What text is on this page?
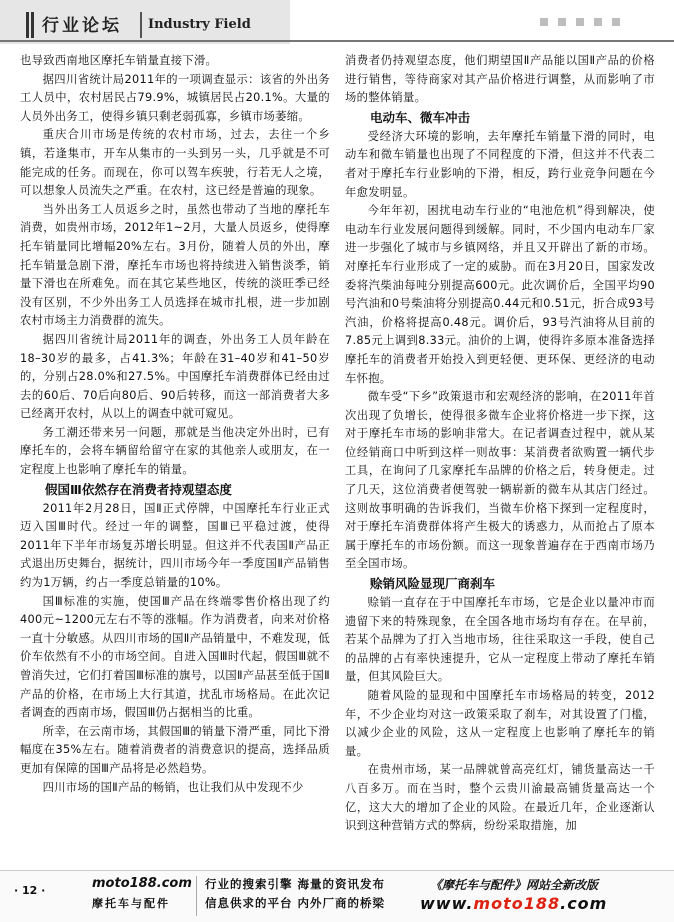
行业论坛 Industry Field

也导致西南地区摩托车销量直接下滑。

据四川省统计局2011年的一项调查显示：该省的外出务工人员中，农村居民占79.9%，城镇居民占20.1%。大量的人员外出务工，使得乡镇只剩老弱孤寡，乡镇市场萎缩。

重庆合川市场是传统的农村市场，过去，去往一个乡镇，若逢集市，开车从集市的一头到另一头，几乎就是不可能完成的任务。而现在，你可以驾车疾驶，行若无人之境，可以想象人员流失之严重。在农村，这已经是普遍的现象。

当外出务工人员返乡之时，虽然也带动了当地的摩托车消费，如贵州市场，2012年1~2月，大量人员返乡，使得摩托车销量同比增幅20%左右。3月份，随着人员的外出，摩托车销量急剧下滑，摩托车市场也将持续进入销售淡季，销量下滑也在所难免。而在其它某些地区，传统的淡旺季已经没有区别，不少外出务工人员选择在城市扎根，进一步加剧农村市场主力消费群的流失。

据四川省统计局2011年的调查，外出务工人员年龄在18–30岁的最多，占41.3%；年龄在31–40岁和41–50岁的，分别占28.0%和27.5%。中国摩托车消费群体已经由过去的60后、70后向80后、90后转移，而这一部消费者大多已经离开农村，从以上的调查中就可窥见。

务工潮还带来另一问题，那就是当他决定外出时，已有摩托车的，会将车辆留给留守在家的其他亲人或朋友，在一定程度上也影响了摩托车的销量。

假国Ⅲ依然存在消费者持观望态度

2011年2月28日，国Ⅱ正式停牌，中国摩托车行业正式迈入国Ⅲ时代。经过一年的调整，国Ⅲ已平稳过渡，使得2011年下半年市场复苏增长明显。但这并不代表国Ⅱ产品正式退出历史舞台，据统计，四川市场今年一季度国Ⅱ产品销售约为1万辆，约占一季度总销量的10%。

国Ⅲ标准的实施，使国Ⅲ产品在终端零售价格出现了约400元~1200元左右不等的涨幅。作为消费者，向来对价格一直十分敏感。从四川市场的国Ⅱ产品销量中，不难发现，低价车依然有不小的市场空间。自进入国Ⅲ时代起，假国Ⅲ就不曾消失过，它们打着国Ⅲ标准的旗号，以国Ⅱ产品甚至低于国Ⅱ产品的价格，在市场上大行其道，扰乱市场格局。在此次记者调查的西南市场，假国Ⅲ仍占据相当的比重。

所幸，在云南市场，其假国Ⅲ的销量下滑严重，同比下滑幅度在35%左右。随着消费者的消费意识的提高，选择品质更加有保障的国Ⅲ产品将是必然趋势。

四川市场的国Ⅱ产品的畅销，也让我们从中发现不少

消费者仍持观望态度，他们期望国Ⅱ产品能以国Ⅱ产品的价格进行销售，等待商家对其产品价格进行调整，从而影响了市场的整体销量。

电动车、微车冲击

受经济大环境的影响，去年摩托车销量下滑的同时，电动车和微车销量也出现了不同程度的下滑，但这并不代表二者对于摩托车行业影响的下滑，相反，跨行业竞争问题在今年愈发明显。

今年年初，困扰电动车行业的“电池危机”得到解决，使电动车行业发展问题得到缓解。同时，不少国内电动车厂家进一步强化了城市与乡镇网络，并且又开辟出了新的市场。对摩托车行业形成了一定的威胁。而在3月20日，国家发改委将汽柴油每吨分别提高600元。此次调价后，全国平均90号汽油和0号柴油将分别提高0.44元和0.51元，折合成93号汽油，价格将提高0.48元。调价后，93号汽油将从目前的7.85元上调到8.33元。油价的上调，使得许多原本准备选择摩托车的消费者开始投入到更轻便、更环保、更经济的电动车怀抱。

微车受“下乡”政策退市和宏观经济的影响，在2011年首次出现了负增长，使得很多微车企业将价格进一步下探，这对于摩托车市场的影响非常大。在记者调查过程中，就从某位经销商口中听到这样一则故事：某消费者欲购置一辆代步工具，在询问了几家摩托车品牌的价格之后，转身便走。过了几天，这位消费者便驾驶一辆崭新的微车从其店门经过。这则故事明确的告诉我们，当微车价格下探到一定程度时，对于摩托车消费群体将产生极大的诱惑力，从而抢占了原本属于摩托车的市场份额。而这一现象普遍存在于西南市场乃至全国市场。

赊销风险显现厂商刹车

赊销一直存在于中国摩托车市场，它是企业以量冲市而遗留下来的特殊现象，在全国各地市场均有存在。在早前，若某个品牌为了打入当地市场，往往采取这一手段，使自己的品牌的占有率快速提升，它从一定程度上带动了摩托车销量，但其风险巨大。

随着风险的显现和中国摩托车市场格局的转变，2012年，不少企业均对这一政策采取了刹车，对其设置了门槛，以减少企业的风险，这从一定程度上也影响了摩托车的销量。

在贵州市场，某一品牌就曾高亮红灯，铺货量高达一千八百多万。而在当时，整个云贵川渝最高铺货量高达一个亿，这大大的增加了企业的风险。在最近几年，企业逐渐认识到这种营销方式的弊病，纷纷采取措施，加

· 12 ·	moto188.com
摩托车与配件
行业的搜索引擎 海量的资讯发布
信息供求的平台 内外厂商的桥梁
《摩托车与配件》网站全新改版
www.moto188.com
